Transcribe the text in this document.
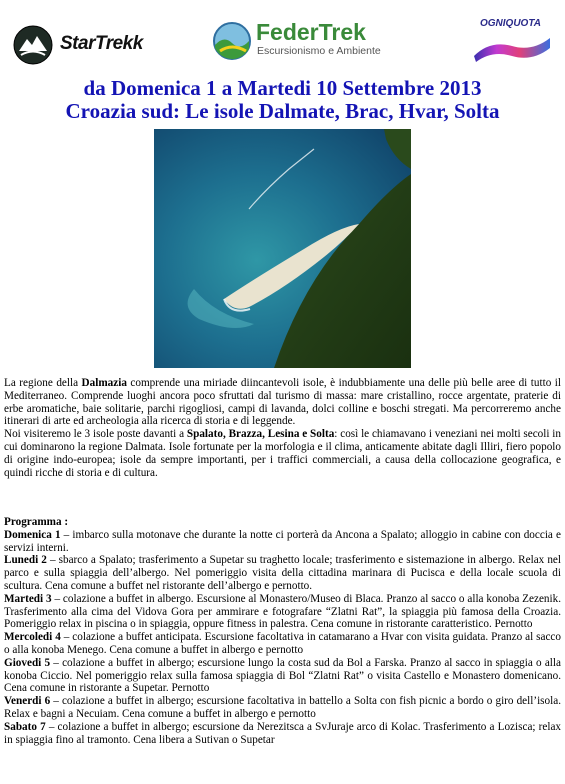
StarTrekk	FederTrek
Escursionismo e Ambiente
OGNIQUOTA
da Domenica 1 a Martedi 10 Settembre 2013
Croazia sud: Le isole Dalmate, Brac, Hvar, Solta

La regione della Dalmazia comprende una miriade diincantevoli isole, è indubbiamente una delle più belle aree di tutto il Mediterraneo. Comprende luoghi ancora poco sfruttati dal turismo di massa: mare cristallino, rocce argentate, praterie di erbe aromatiche, baie solitarie, parchi rigogliosi, campi di lavanda, dolci colline e boschi stregati. Ma percorreremo anche itinerari di arte ed archeologia alla ricerca di storia e di leggende.

Noi visiteremo le 3 isole poste davanti a Spalato, Brazza, Lesina e Solta: così le chiamavano i veneziani nei molti secoli in cui dominarono la regione Dalmata. Isole fortunate per la morfologia e il clima, anticamente abitate dagli Illiri, fiero popolo di origine indo-europea; isole da sempre importanti, per i traffici commerciali, a causa della collocazione geografica, e quindi ricche di storia e di cultura.

Programma :
Domenica 1 – imbarco sulla motonave che durante la notte ci porterà da Ancona a Spalato; alloggio in cabine con doccia e servizi interni.
Lunedi 2 – sbarco a Spalato; trasferimento a Supetar su traghetto locale; trasferimento e sistemazione in albergo. Relax nel parco e sulla spiaggia dell’albergo. Nel pomeriggio visita della cittadina marinara di Pucisca e della locale scuola di scultura. Cena comune a buffet nel ristorante dell’albergo e pernotto.
Martedi 3 – colazione a buffet in albergo. Escursione al Monastero/Museo di Blaca. Pranzo al sacco o alla konoba Zezenik. Trasferimento alla cima del Vidova Gora per ammirare e fotografare “Zlatni Rat”, la spiaggia più famosa della Croazia. Pomeriggio relax in piscina o in spiaggia, oppure fitness in palestra. Cena comune in ristorante caratteristico. Pernotto
Mercoledi 4 – colazione a buffet anticipata. Escursione facoltativa in catamarano a Hvar con visita guidata. Pranzo al sacco o alla konoba Menego. Cena comune a buffet in albergo e pernotto
Giovedi 5 – colazione a buffet in albergo; escursione lungo la costa sud da Bol a Farska. Pranzo al sacco in spiaggia o alla konoba Ciccio. Nel pomeriggio relax sulla famosa spiaggia di Bol “Zlatni Rat” o visita Castello e Monastero domenicano. Cena comune in ristorante a Supetar. Pernotto
Venerdi 6 – colazione a buffet in albergo; escursione facoltativa in battello a Solta con fish picnic a bordo o giro dell’isola. Relax e bagni a Necuiam. Cena comune a buffet in albergo e pernotto
Sabato 7 – colazione a buffet in albergo; escursione da Nerezitsca a SvJuraje arco di Kolac. Trasferimento a Lozisca; relax in spiaggia fino al tramonto. Cena libera a Sutivan o Supetar
